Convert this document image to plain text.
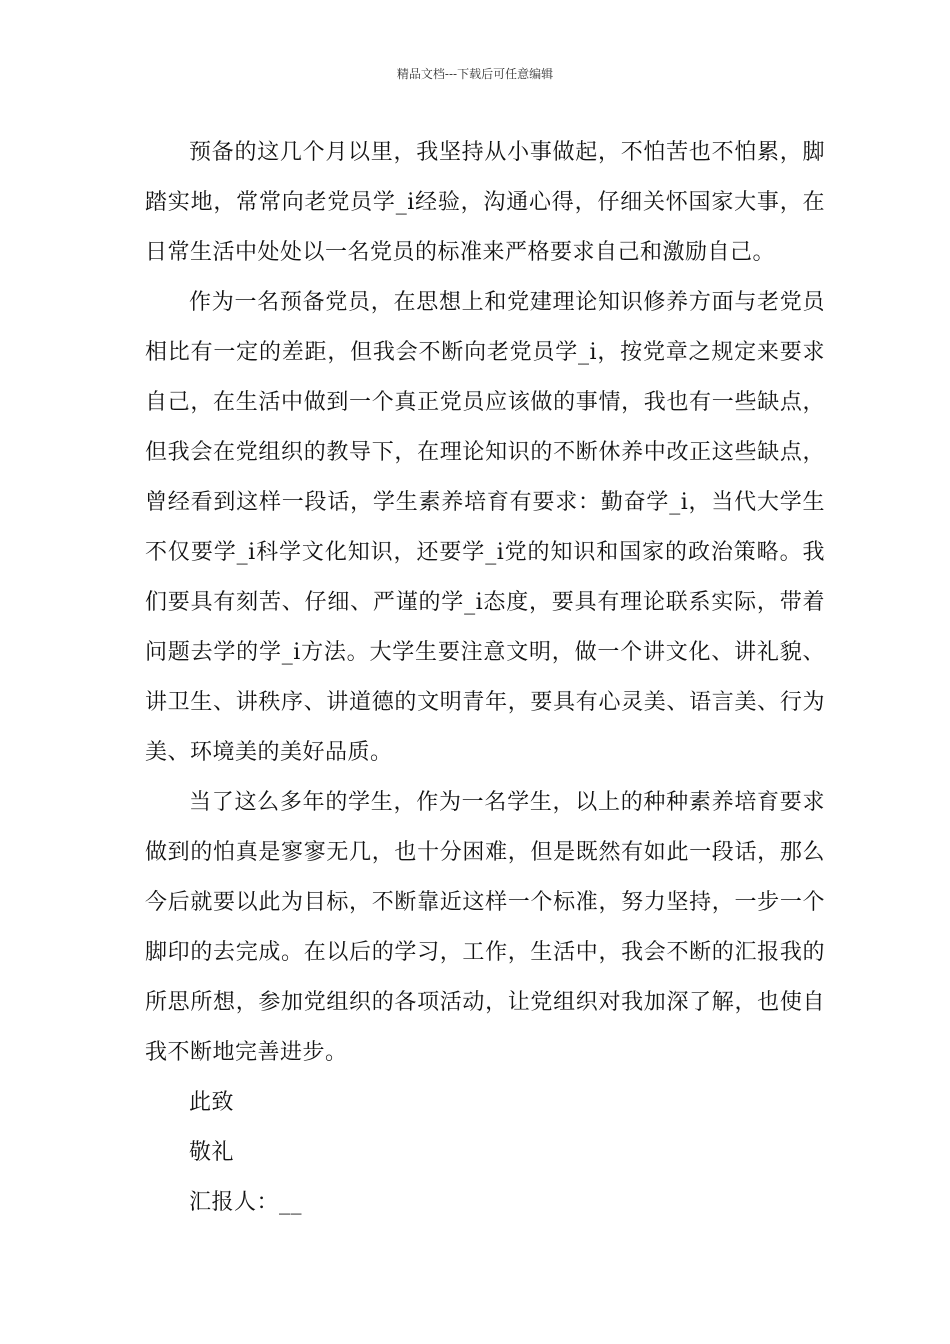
精品文档---下载后可任意编辑

预备的这几个月以里，我坚持从小事做起，不怕苦也不怕累，脚踏实地，常常向老党员学_i经验，沟通心得，仔细关怀国家大事，在日常生活中处处以一名党员的标准来严格要求自己和激励自己。

作为一名预备党员，在思想上和党建理论知识修养方面与老党员相比有一定的差距，但我会不断向老党员学_i，按党章之规定来要求自己，在生活中做到一个真正党员应该做的事情，我也有一些缺点，但我会在党组织的教导下，在理论知识的不断休养中改正这些缺点，曾经看到这样一段话，学生素养培育有要求：勤奋学_i，当代大学生不仅要学_i科学文化知识，还要学_i党的知识和国家的政治策略。我们要具有刻苦、仔细、严谨的学_i态度，要具有理论联系实际，带着问题去学的学_i方法。大学生要注意文明，做一个讲文化、讲礼貌、讲卫生、讲秩序、讲道德的文明青年，要具有心灵美、语言美、行为美、环境美的美好品质。

当了这么多年的学生，作为一名学生，以上的种种素养培育要求做到的怕真是寥寥无几，也十分困难，但是既然有如此一段话，那么今后就要以此为目标，不断靠近这样一个标准，努力坚持，一步一个脚印的去完成。在以后的学习，工作，生活中，我会不断的汇报我的所思所想，参加党组织的各项活动，让党组织对我加深了解，也使自我不断地完善进步。

此致

敬礼

汇报人：__
